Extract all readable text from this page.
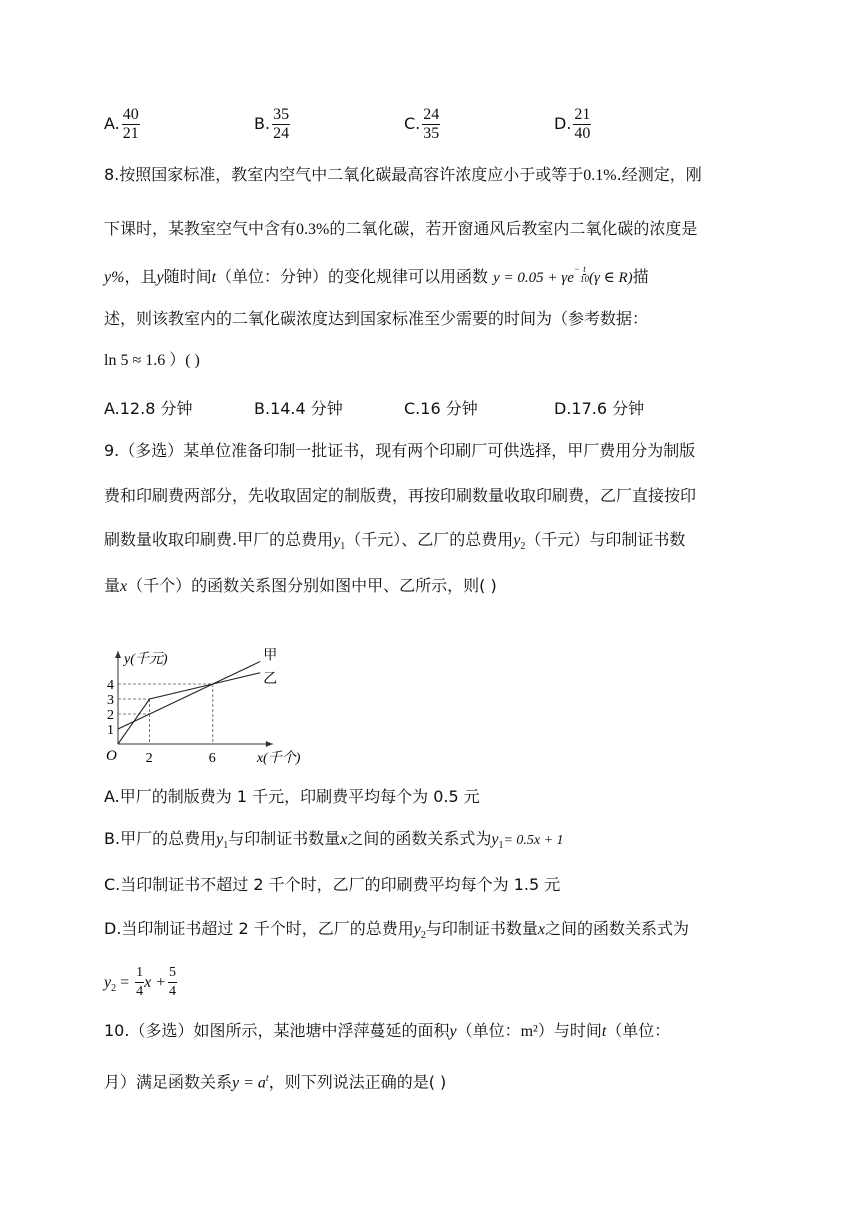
A. $\frac{40}{21}$	B. $\frac{35}{24}$	C. $\frac{24}{35}$	D. $\frac{21}{40}$
8.按照国家标准，教室内空气中二氧化碳最高容许浓度应小于或等于0.1%.经测定，刚
下课时，某教室空气中含有0.3%的二氧化碳，若开窗通风后教室内二氧化碳的浓度是
y%，且y随时间t（单位：分钟）的变化规律可以用函数 $y = 0.05 + \gamma e- \frac{t}{10} (\gamma$ ∈ R)描
述，则该教室内的二氧化碳浓度达到国家标准至少需要的时间为（参考数据：
ln 5 ≈ 1.6 ）( )
A.12.8 分钟	B.14.4 分钟	C.16 分钟	D.17.6 分钟
9.（多选）某单位准备印制一批证书，现有两个印刷厂可供选择，甲厂费用分为制版
费和印刷费两部分，先收取固定的制版费，再按印刷数量收取印刷费，乙厂直接按印
刷数量收取印刷费.甲厂的总费用$y_1$（千元）、乙厂的总费用$y_2$（千元）与印制证书数
量x（千个）的函数关系图分别如图中甲、乙所示，则( )
y(千元)
x(千个)
O
1
2
3
4
2	6
甲
乙
A.甲厂的制版费为 1 千元，印刷费平均每个为 0.5 元
B.甲厂的总费用$y_1$与印制证书数量x之间的函数关系式为$y_1= 0.5x + 1$
C.当印制证书不超过 2 千个时，乙厂的印刷费平均每个为 1.5 元
D.当印制证书超过 2 千个时，乙厂的总费用$y_2$与印制证书数量x之间的函数关系式为
$y_2 = \frac{1}{4}$ $x + \frac{5}{4}$
10.（多选）如图所示，某池塘中浮萍蔓延的面积y（单位：m²）与时间t（单位：
月）满足函数关系$y = a^t$，则下列说法正确的是( )
